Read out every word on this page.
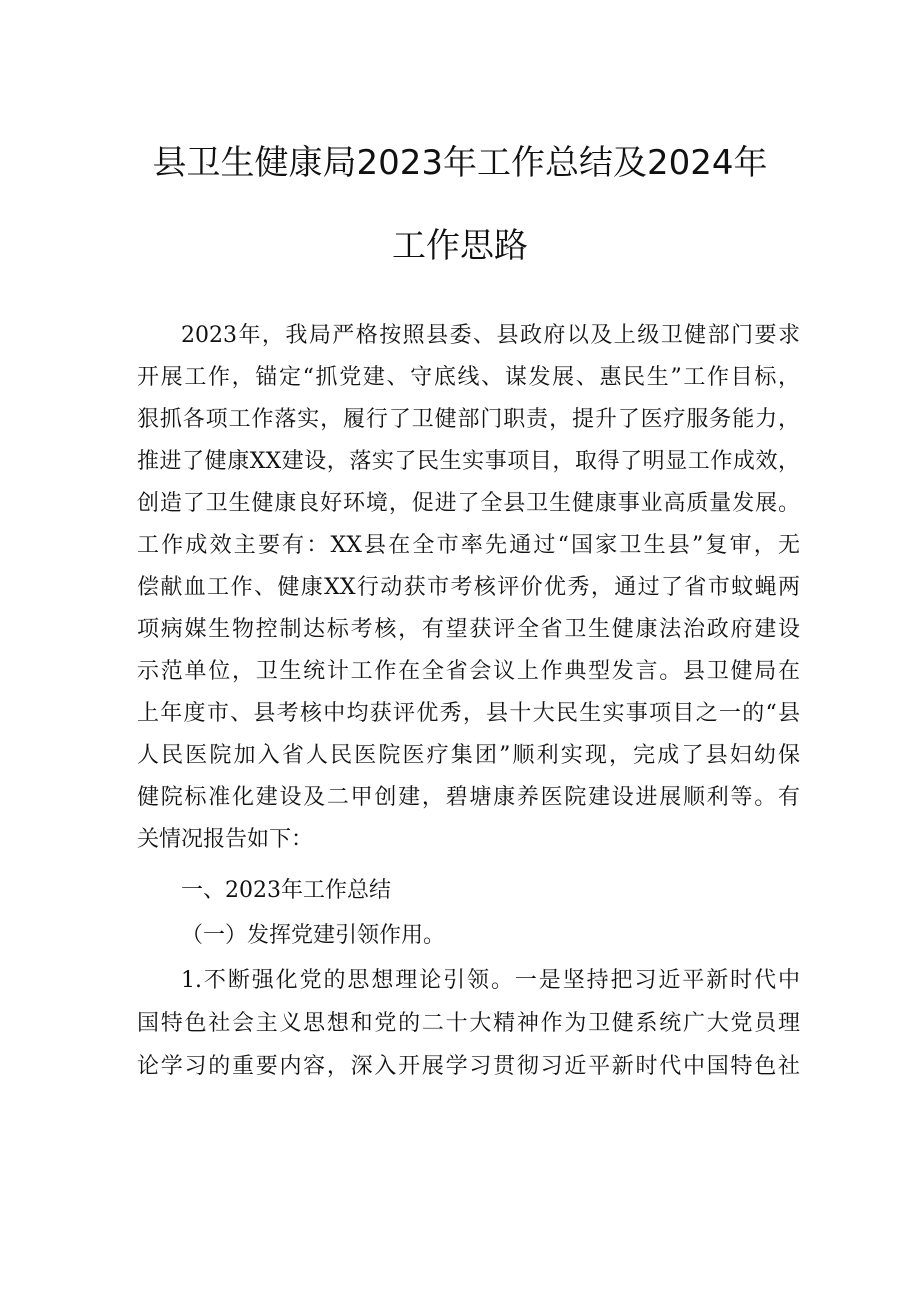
县卫生健康局2023年工作总结及2024年
工作思路
2023年，我局严格按照县委、县政府以及上级卫健部门要求
开展工作，锚定“抓党建、守底线、谋发展、惠民生”工作目标，
狠抓各项工作落实，履行了卫健部门职责，提升了医疗服务能力，
推进了健康XX建设，落实了民生实事项目，取得了明显工作成效，
创造了卫生健康良好环境，促进了全县卫生健康事业高质量发展。
工作成效主要有：XX县在全市率先通过“国家卫生县”复审，无
偿献血工作、健康XX行动获市考核评价优秀，通过了省市蚊蝇两
项病媒生物控制达标考核，有望获评全省卫生健康法治政府建设
示范单位，卫生统计工作在全省会议上作典型发言。县卫健局在
上年度市、县考核中均获评优秀，县十大民生实事项目之一的“县
人民医院加入省人民医院医疗集团”顺利实现，完成了县妇幼保
健院标准化建设及二甲创建，碧塘康养医院建设进展顺利等。有
关情况报告如下：
一、2023年工作总结
（一）发挥党建引领作用。
1.不断强化党的思想理论引领。一是坚持把习近平新时代中
国特色社会主义思想和党的二十大精神作为卫健系统广大党员理
论学习的重要内容，深入开展学习贯彻习近平新时代中国特色社
